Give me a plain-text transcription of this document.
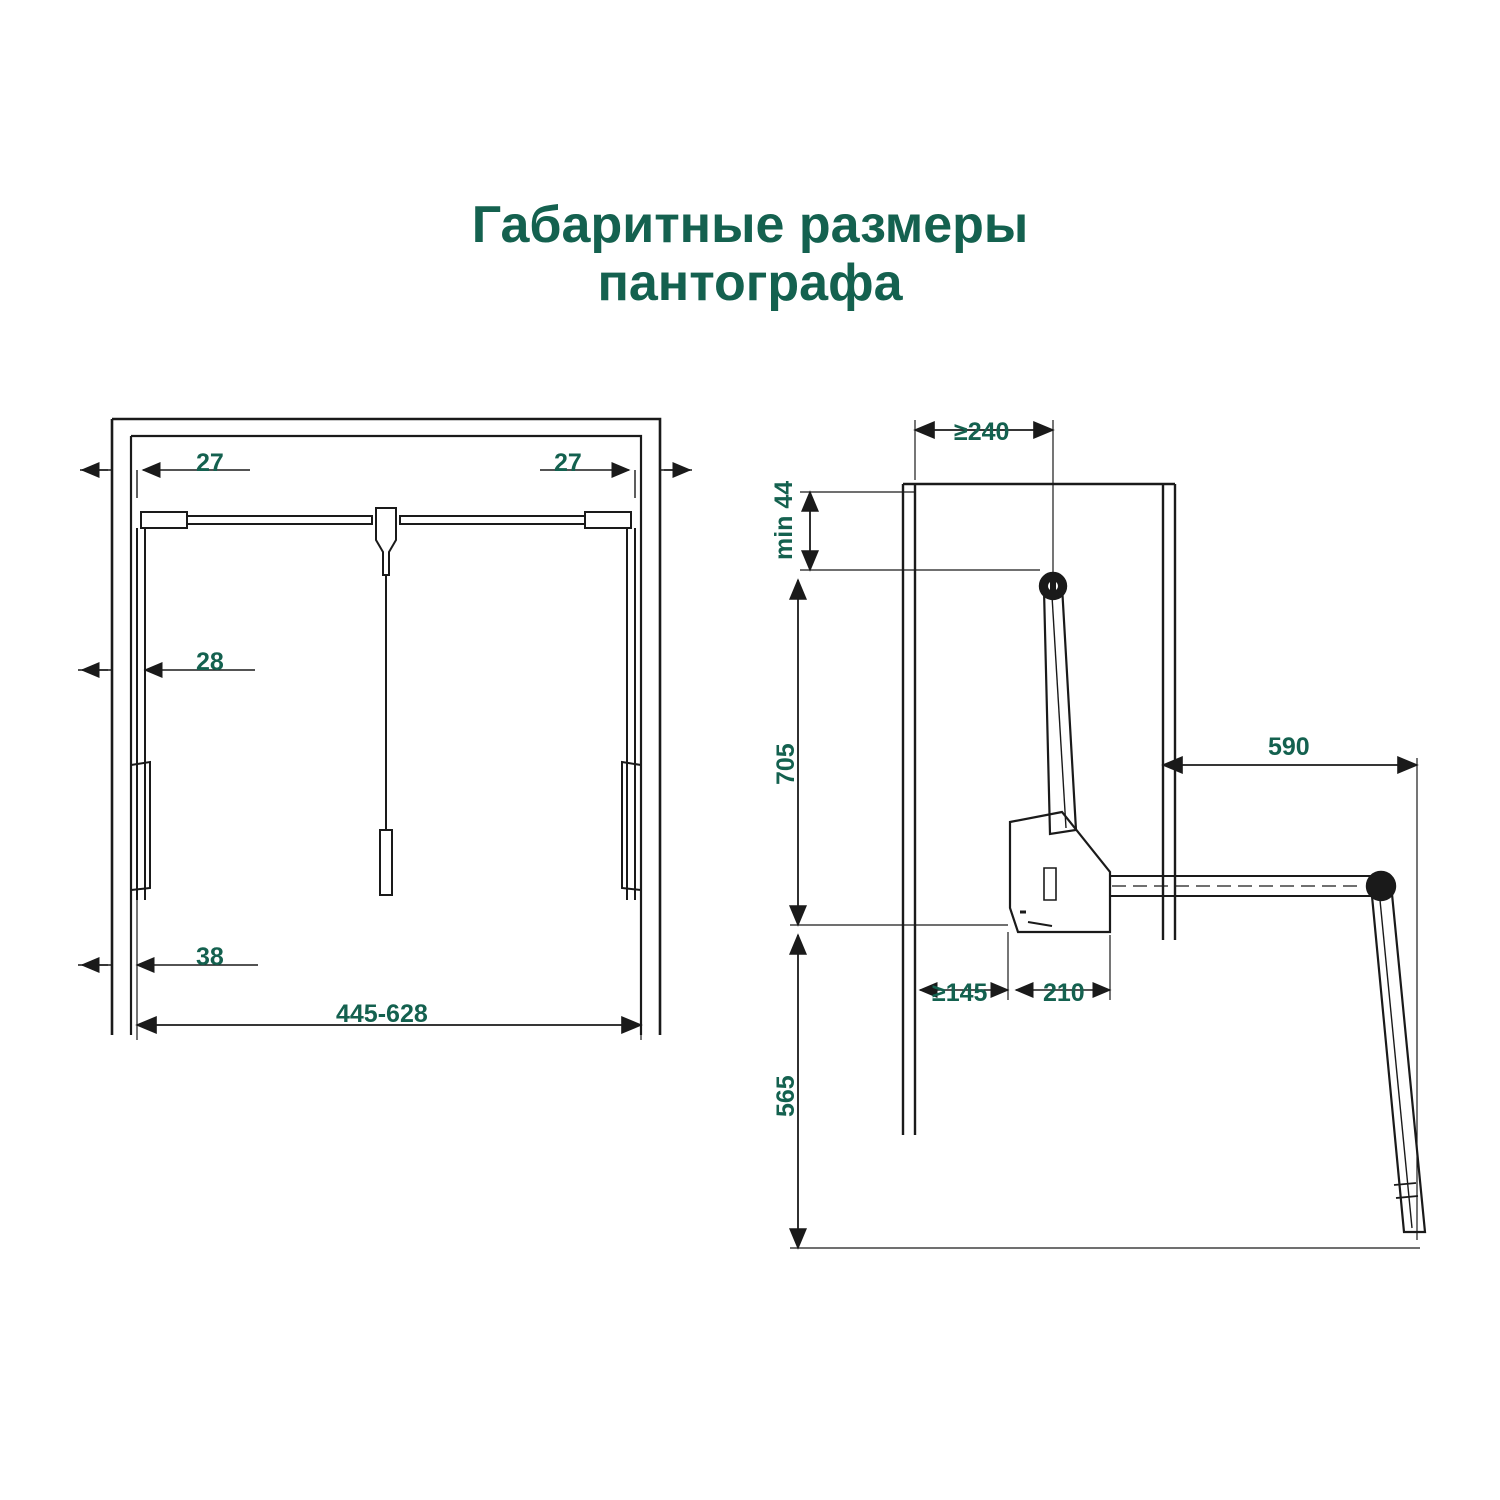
Габаритные размеры
пантографа
27	27
28
38
445-628
≥240
min 44
705
565
590
≥145 210
